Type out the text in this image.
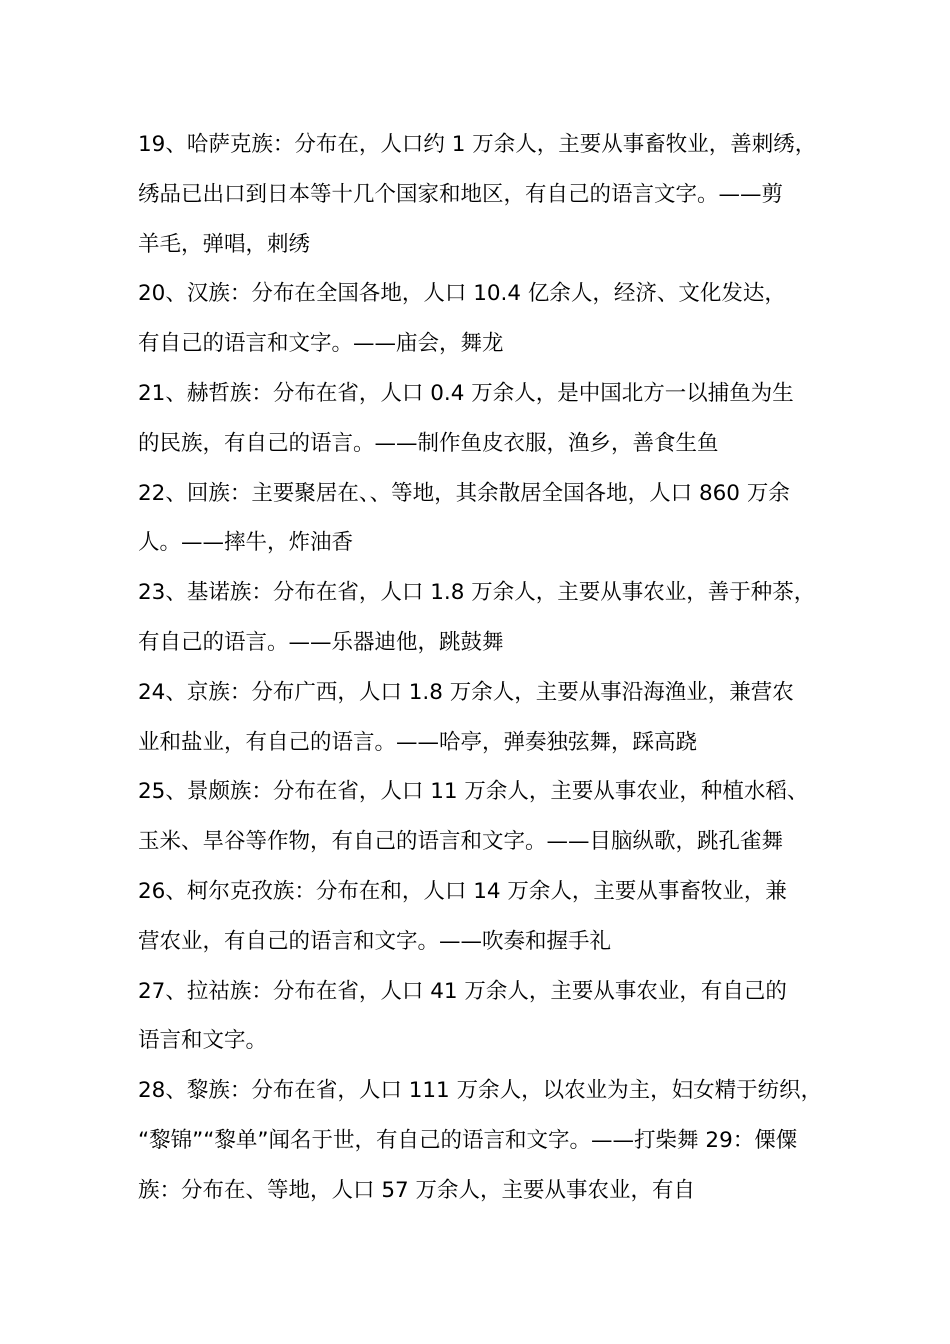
19、哈萨克族：分布在，人口约 1 万余人，主要从事畜牧业，善刺绣，
绣品已出口到日本等十几个国家和地区，有自己的语言文字。——剪
羊毛，弹唱，刺绣
20、汉族：分布在全国各地，人口 10.4 亿余人，经济、文化发达，
有自己的语言和文字。——庙会，舞龙
21、赫哲族：分布在省，人口 0.4 万余人，是中国北方一以捕鱼为生
的民族，有自己的语言。——制作鱼皮衣服，渔乡，善食生鱼
22、回族：主要聚居在、、等地，其余散居全国各地，人口 860 万余
人。——摔牛，炸油香
23、基诺族：分布在省，人口 1.8 万余人，主要从事农业，善于种茶，
有自己的语言。——乐器迪他，跳鼓舞
24、京族：分布广西，人口 1.8 万余人，主要从事沿海渔业，兼营农
业和盐业，有自己的语言。——哈亭，弹奏独弦舞，踩高跷
25、景颇族：分布在省，人口 11 万余人，主要从事农业，种植水稻、
玉米、旱谷等作物，有自己的语言和文字。——目脑纵歌，跳孔雀舞
26、柯尔克孜族：分布在和，人口 14 万余人，主要从事畜牧业，兼
营农业，有自己的语言和文字。——吹奏和握手礼
27、拉祜族：分布在省，人口 41 万余人，主要从事农业，有自己的
语言和文字。
28、黎族：分布在省，人口 111 万余人，以农业为主，妇女精于纺织，
“黎锦”“黎单”闻名于世，有自己的语言和文字。——打柴舞 29：傈僳
族：分布在、等地，人口 57 万余人，主要从事农业，有自
